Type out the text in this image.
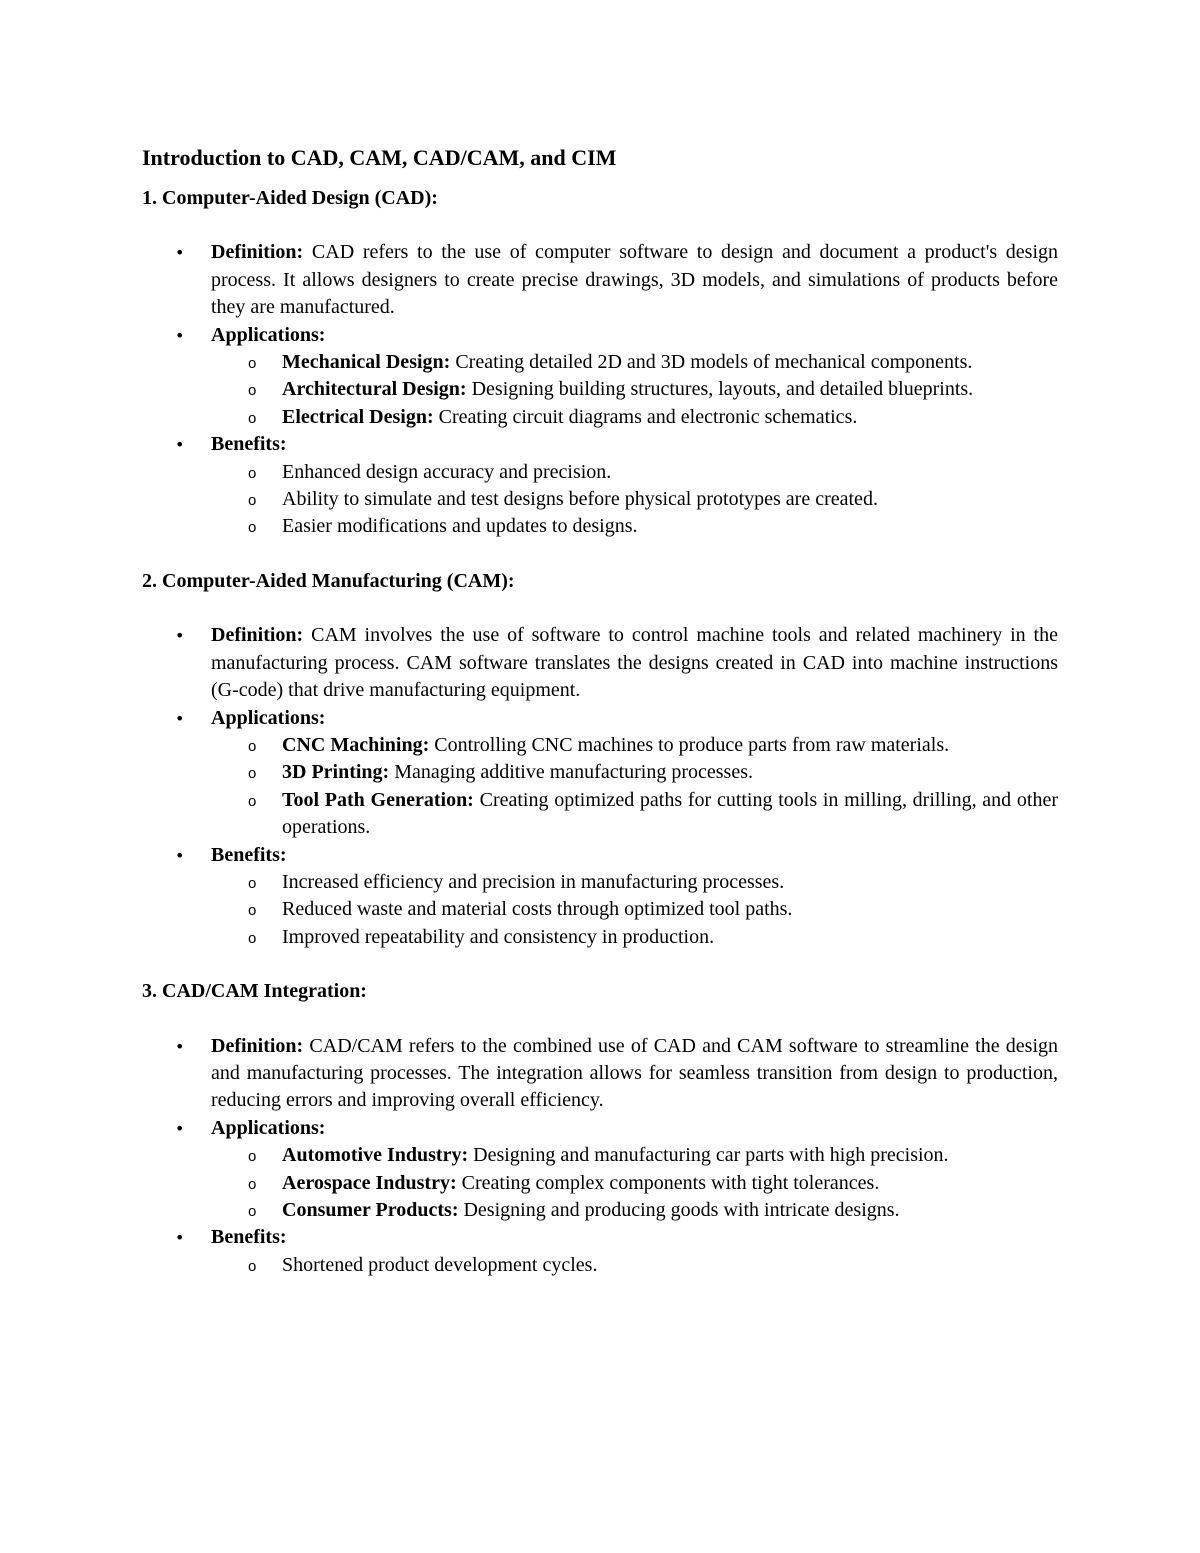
Introduction to CAD, CAM, CAD/CAM, and CIM
1. Computer-Aided Design (CAD):
• Definition: CAD refers to the use of computer software to design and document a product's design process. It allows designers to create precise drawings, 3D models, and simulations of products before they are manufactured.
• Applications:
o Mechanical Design: Creating detailed 2D and 3D models of mechanical components.
o Architectural Design: Designing building structures, layouts, and detailed blueprints.
o Electrical Design: Creating circuit diagrams and electronic schematics.
• Benefits:
o Enhanced design accuracy and precision.
o Ability to simulate and test designs before physical prototypes are created.
o Easier modifications and updates to designs.
2. Computer-Aided Manufacturing (CAM):
• Definition: CAM involves the use of software to control machine tools and related machinery in the manufacturing process. CAM software translates the designs created in CAD into machine instructions (G-code) that drive manufacturing equipment.
• Applications:
o CNC Machining: Controlling CNC machines to produce parts from raw materials.
o 3D Printing: Managing additive manufacturing processes.
o Tool Path Generation: Creating optimized paths for cutting tools in milling, drilling, and other operations.
• Benefits:
o Increased efficiency and precision in manufacturing processes.
o Reduced waste and material costs through optimized tool paths.
o Improved repeatability and consistency in production.
3. CAD/CAM Integration:
• Definition: CAD/CAM refers to the combined use of CAD and CAM software to streamline the design and manufacturing processes. The integration allows for seamless transition from design to production, reducing errors and improving overall efficiency.
• Applications:
o Automotive Industry: Designing and manufacturing car parts with high precision.
o Aerospace Industry: Creating complex components with tight tolerances.
o Consumer Products: Designing and producing goods with intricate designs.
• Benefits:
o Shortened product development cycles.
